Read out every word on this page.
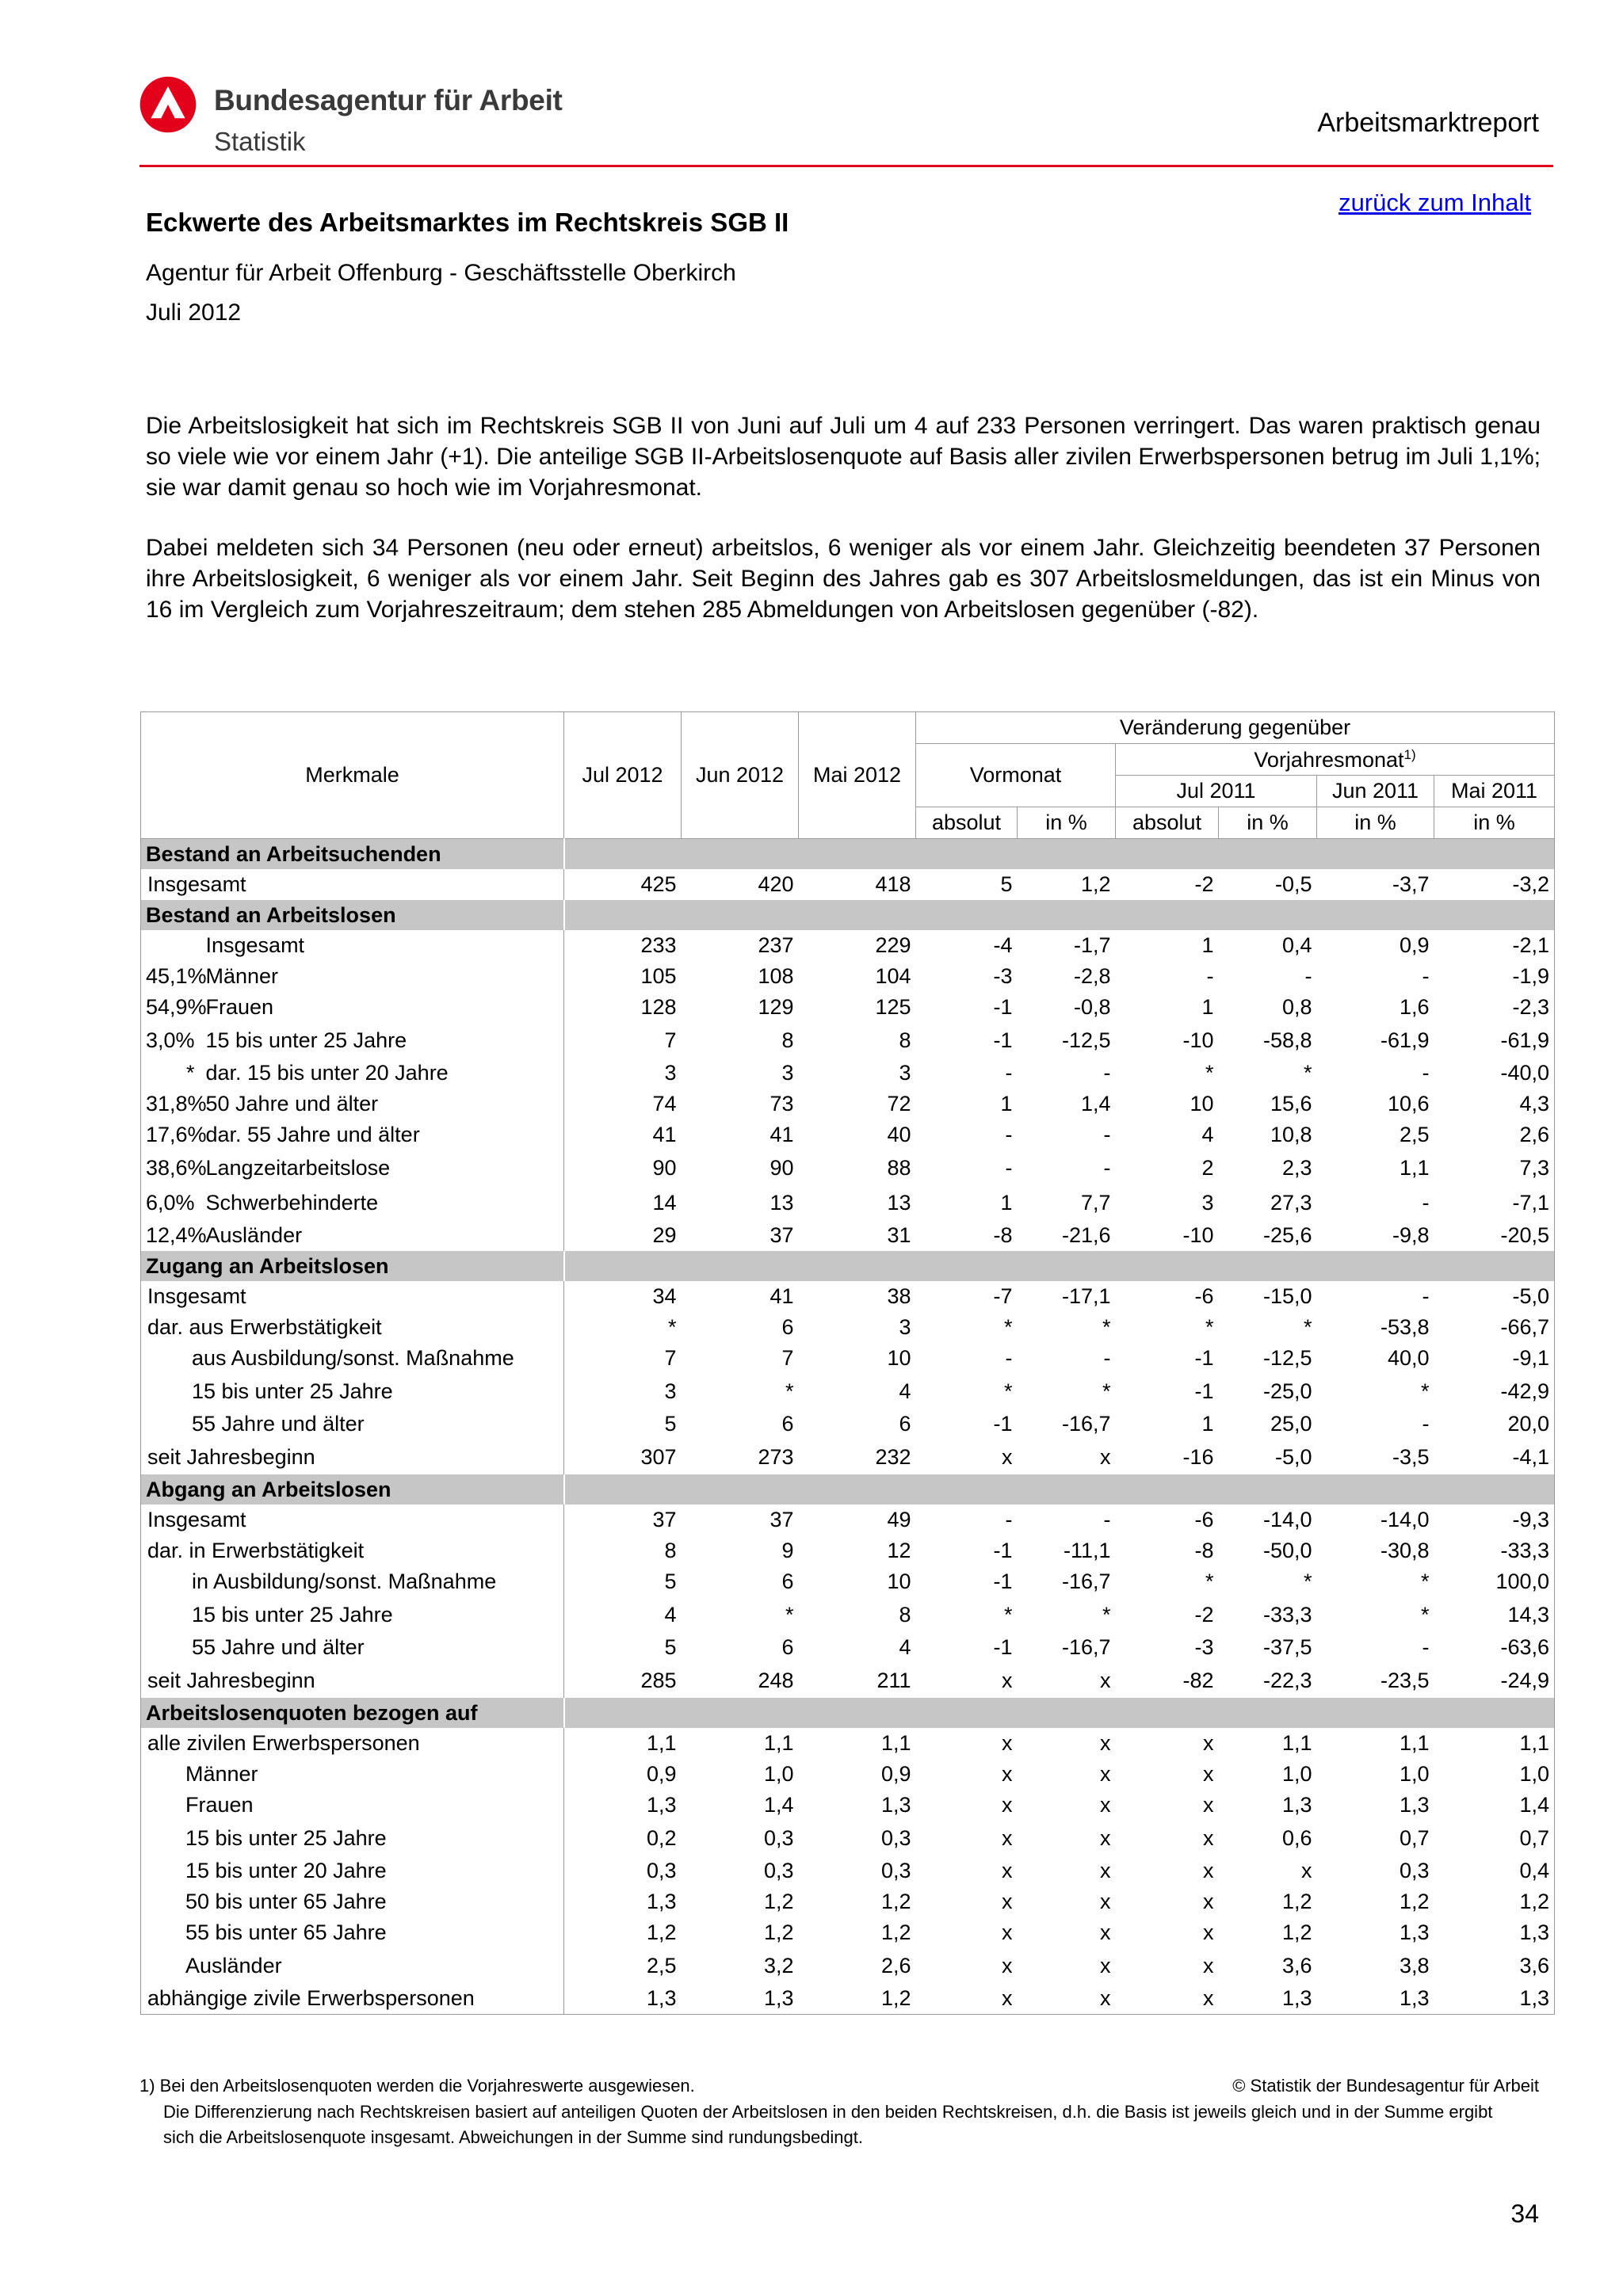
Bundesagentur für Arbeit
Statistik
Arbeitsmarktreport
zurück zum Inhalt
Eckwerte des Arbeitsmarktes im Rechtskreis SGB II
Agentur für Arbeit Offenburg - Geschäftsstelle Oberkirch
Juli 2012

Die Arbeitslosigkeit hat sich im Rechtskreis SGB II von Juni auf Juli um 4 auf 233 Personen verringert. Das waren praktisch genau so viele wie vor einem Jahr (+1). Die anteilige SGB II-Arbeitslosenquote auf Basis aller zivilen Erwerbspersonen betrug im Juli 1,1%; sie war damit genau so hoch wie im Vorjahresmonat.

Dabei meldeten sich 34 Personen (neu oder erneut) arbeitslos, 6 weniger als vor einem Jahr. Gleichzeitig beendeten 37 Personen ihre Arbeitslosigkeit, 6 weniger als vor einem Jahr. Seit Beginn des Jahres gab es 307 Arbeitslosmeldungen, das ist ein Minus von 16 im Vergleich zum Vorjahreszeitraum; dem stehen 285 Abmeldungen von Arbeitslosen gegenüber (-82).

Merkmale		Jul 2012	Jun 2012	Mai 2012	Veränderung gegenüber					
					Vormonat		Vorjahresmonat$^{1)}$
							Jul 2011		Jun 2011	Mai 2011
					absolut	in %	absolut	in %	in %	in %
Bestand an Arbeitsuchenden										
Insgesamt		425	420	418	5	1,2	-2	-0,5	-3,7	-3,2
Bestand an Arbeitslosen										
	Insgesamt	233	237	229	-4	-1,7	1	0,4	0,9	-2,1
45,1%	Männer	105	108	104	-3	-2,8	-	-	-	-1,9
54,9%	Frauen	128	129	125	-1	-0,8	1	0,8	1,6	-2,3
3,0%	15 bis unter 25 Jahre	7	8	8	-1	-12,5	-10	-58,8	-61,9	-61,9
*	dar. 15 bis unter 20 Jahre	3	3	3	-	-	*	*	-	-40,0
31,8%	50 Jahre und älter	74	73	72	1	1,4	10	15,6	10,6	4,3
17,6%	dar. 55 Jahre und älter	41	41	40	-	-	4	10,8	2,5	2,6
38,6%	Langzeitarbeitslose	90	90	88	-	-	2	2,3	1,1	7,3
6,0%	Schwerbehinderte	14	13	13	1	7,7	3	27,3	-	-7,1
12,4%	Ausländer	29	37	31	-8	-21,6	-10	-25,6	-9,8	-20,5
Zugang an Arbeitslosen										
Insgesamt		34	41	38	-7	-17,1	-6	-15,0	-	-5,0
dar. aus Erwerbstätigkeit		*	6	3	*	*	*	*	-53,8	-66,7
aus Ausbildung/sonst. Maßnahme		7	7	10	-	-	-1	-12,5	40,0	-9,1
15 bis unter 25 Jahre		3	*	4	*	*	-1	-25,0	*	-42,9
55 Jahre und älter		5	6	6	-1	-16,7	1	25,0	-	20,0
seit Jahresbeginn		307	273	232	x	x	-16	-5,0	-3,5	-4,1
Abgang an Arbeitslosen										
Insgesamt		37	37	49	-	-	-6	-14,0	-14,0	-9,3
dar. in Erwerbstätigkeit		8	9	12	-1	-11,1	-8	-50,0	-30,8	-33,3
in Ausbildung/sonst. Maßnahme		5	6	10	-1	-16,7	*	*	*	100,0
15 bis unter 25 Jahre		4	*	8	*	*	-2	-33,3	*	14,3
55 Jahre und älter		5	6	4	-1	-16,7	-3	-37,5	-	-63,6
seit Jahresbeginn		285	248	211	x	x	-82	-22,3	-23,5	-24,9
Arbeitslosenquoten bezogen auf										
alle zivilen Erwerbspersonen		1,1	1,1	1,1	x	x	x	1,1	1,1	1,1
Männer		0,9	1,0	0,9	x	x	x	1,0	1,0	1,0
Frauen		1,3	1,4	1,3	x	x	x	1,3	1,3	1,4
15 bis unter 25 Jahre		0,2	0,3	0,3	x	x	x	0,6	0,7	0,7
15 bis unter 20 Jahre		0,3	0,3	0,3	x	x	x	x	0,3	0,4
50 bis unter 65 Jahre		1,3	1,2	1,2	x	x	x	1,2	1,2	1,2
55 bis unter 65 Jahre		1,2	1,2	1,2	x	x	x	1,2	1,3	1,3
Ausländer		2,5	3,2	2,6	x	x	x	3,6	3,8	3,6
abhängige zivile Erwerbspersonen		1,3	1,3	1,2	x	x	x	1,3	1,3	1,3
1) Bei den Arbeitslosenquoten werden die Vorjahreswerte ausgewiesen.	© Statistik der Bundesagentur für Arbeit

Die Differenzierung nach Rechtskreisen basiert auf anteiligen Quoten der Arbeitslosen in den beiden Rechtskreisen, d.h. die Basis ist jeweils gleich und in der Summe ergibt sich die Arbeitslosenquote insgesamt. Abweichungen in der Summe sind rundungsbedingt.

34
